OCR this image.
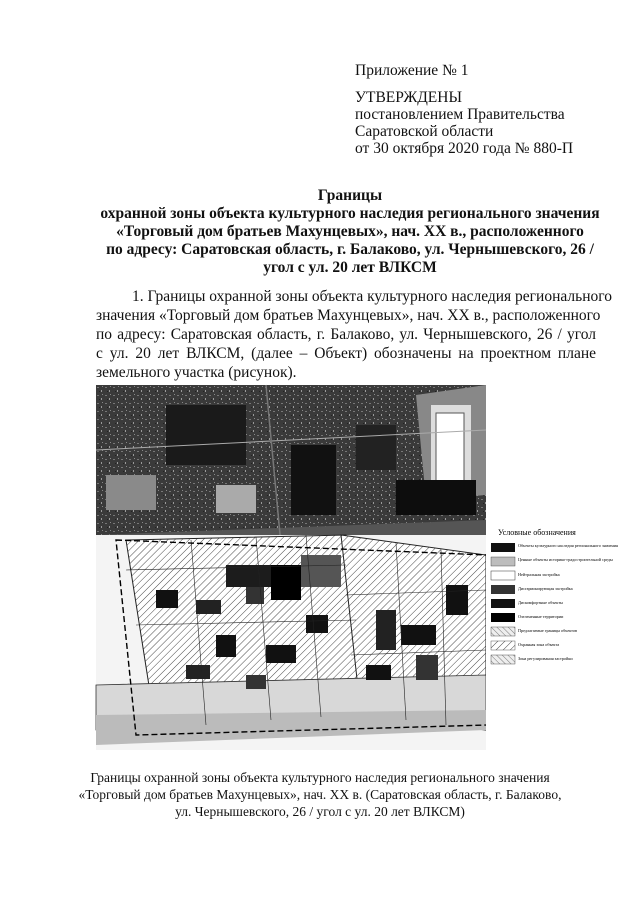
Приложение № 1
УТВЕРЖДЕНЫ
постановлением Правительства
Саратовской области
от 30 октября 2020 года № 880-П
Границы
охранной зоны объекта культурного наследия регионального значения
«Торговый дом братьев Махунцевых», нач. ХХ в., расположенного
по адресу: Саратовская область, г. Балаково, ул. Чернышевского, 26 /
угол с ул. 20 лет ВЛКСМ
1. Границы охранной зоны объекта культурного наследия регионального
значения «Торговый дом братьев Махунцевых», нач. ХХ в., расположенного
по адресу: Саратовская область, г. Балаково, ул. Чернышевского, 26 / угол
с ул. 20 лет ВЛКСМ, (далее – Объект) обозначены на проектном плане
земельного участка (рисунок).
Условные обозначения
Объекты культурного наследия регионального значения
Ценные объекты историко-градостроительной среды
Нейтральная застройка
Дисгармонирующая застройка
Дискомфортные объекты
Озелененные территории
Предлагаемые границы объектов
Охранная зона объекта
Зона регулирования застройки
Границы охранной зоны объекта культурного наследия регионального значения
«Торговый дом братьев Махунцевых», нач. ХХ в. (Саратовская область, г. Балаково,
ул. Чернышевского, 26 / угол с ул. 20 лет ВЛКСМ)
